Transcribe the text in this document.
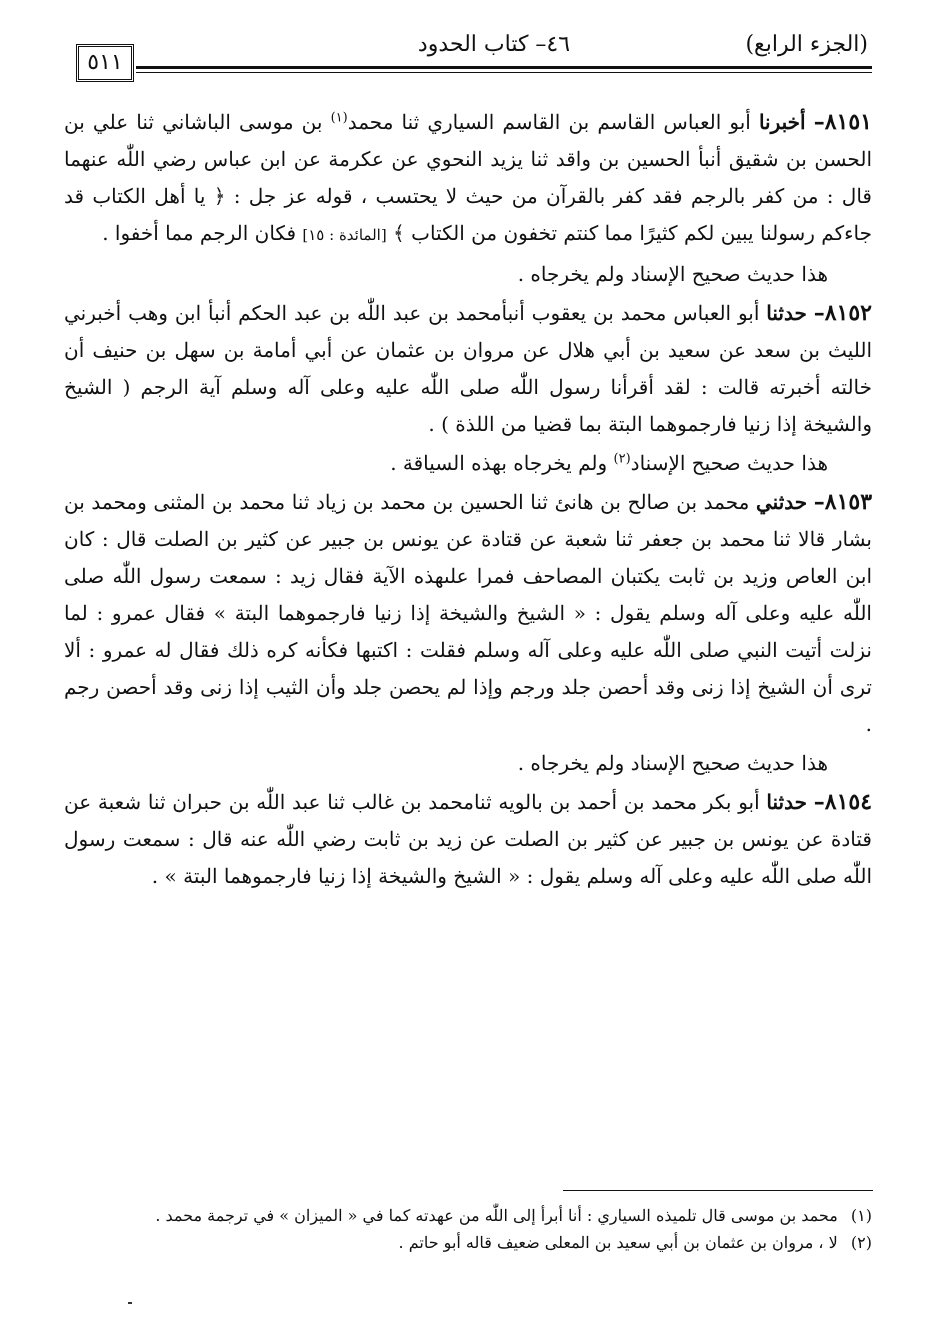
(الجزء الرابع)
٤٦– كتاب الحدود
٥١١

٨١٥١– أخبرنا أبو العباس القاسم بن القاسم السياري ثنا محمد$^{(١)}$ بن موسى الباشاني ثنا علي بن الحسن بن شقيق أنبأ الحسين بن واقد ثنا يزيد النحوي عن عكرمة عن ابن عباس رضي اللّٰه عنهما قال : من كفر بالرجم فقد كفر بالقرآن من حيث لا يحتسب ، قوله عز جل : ﴿ يا أهل الكتاب قد جاءكم رسولنا يبين لكم كثيرًا مما كنتم تخفون من الكتاب ﴾ [المائدة : ١٥] فكان الرجم مما أخفوا .

هذا حديث صحيح الإسناد ولم يخرجاه .

٨١٥٢– حدثنا أبو العباس محمد بن يعقوب أنبأمحمد بن عبد اللّٰه بن عبد الحكم أنبأ ابن وهب أخبرني الليث بن سعد عن سعيد بن أبي هلال عن مروان بن عثمان عن أبي أمامة بن سهل بن حنيف أن خالته أخبرته قالت : لقد أقرأنا رسول اللّٰه صلى اللّٰه عليه وعلى آله وسلم آية الرجم ( الشيخ والشيخة إذا زنيا فارجموهما البتة بما قضيا من اللذة ) .

هذا حديث صحيح الإسناد$^{(٢)}$ ولم يخرجاه بهذه السياقة .

٨١٥٣– حدثني محمد بن صالح بن هانئ ثنا الحسين بن محمد بن زياد ثنا محمد بن المثنى ومحمد بن بشار قالا ثنا محمد بن جعفر ثنا شعبة عن قتادة عن يونس بن جبير عن كثير بن الصلت قال : كان ابن العاص وزيد بن ثابت يكتبان المصاحف فمرا علىهذه الآية فقال زيد : سمعت رسول اللّٰه صلى اللّٰه عليه وعلى آله وسلم يقول : « الشيخ والشيخة إذا زنيا فارجموهما البتة » فقال عمرو : لما نزلت أتيت النبي صلى اللّٰه عليه وعلى آله وسلم فقلت : اكتبها فكأنه كره ذلك فقال له عمرو : ألا ترى أن الشيخ إذا زنى وقد أحصن جلد ورجم وإذا لم يحصن جلد وأن الثيب إذا زنى وقد أحصن رجم .

هذا حديث صحيح الإسناد ولم يخرجاه .

٨١٥٤– حدثنا أبو بكر محمد بن أحمد بن بالويه ثنامحمد بن غالب ثنا عبد اللّٰه بن حبران ثنا شعبة عن قتادة عن يونس بن جبير عن كثير بن الصلت عن زيد بن ثابت رضي اللّٰه عنه قال : سمعت رسول اللّٰه صلى اللّٰه عليه وعلى آله وسلم يقول : « الشيخ والشيخة إذا زنيا فارجموهما البتة » .

(١) محمد بن موسى قال تلميذه السياري : أنا أبرأ إلى اللّٰه من عهدته كما في « الميزان » في ترجمة محمد .
(٢) لا ، مروان بن عثمان بن أبي سعيد بن المعلى ضعيف قاله أبو حاتم .
